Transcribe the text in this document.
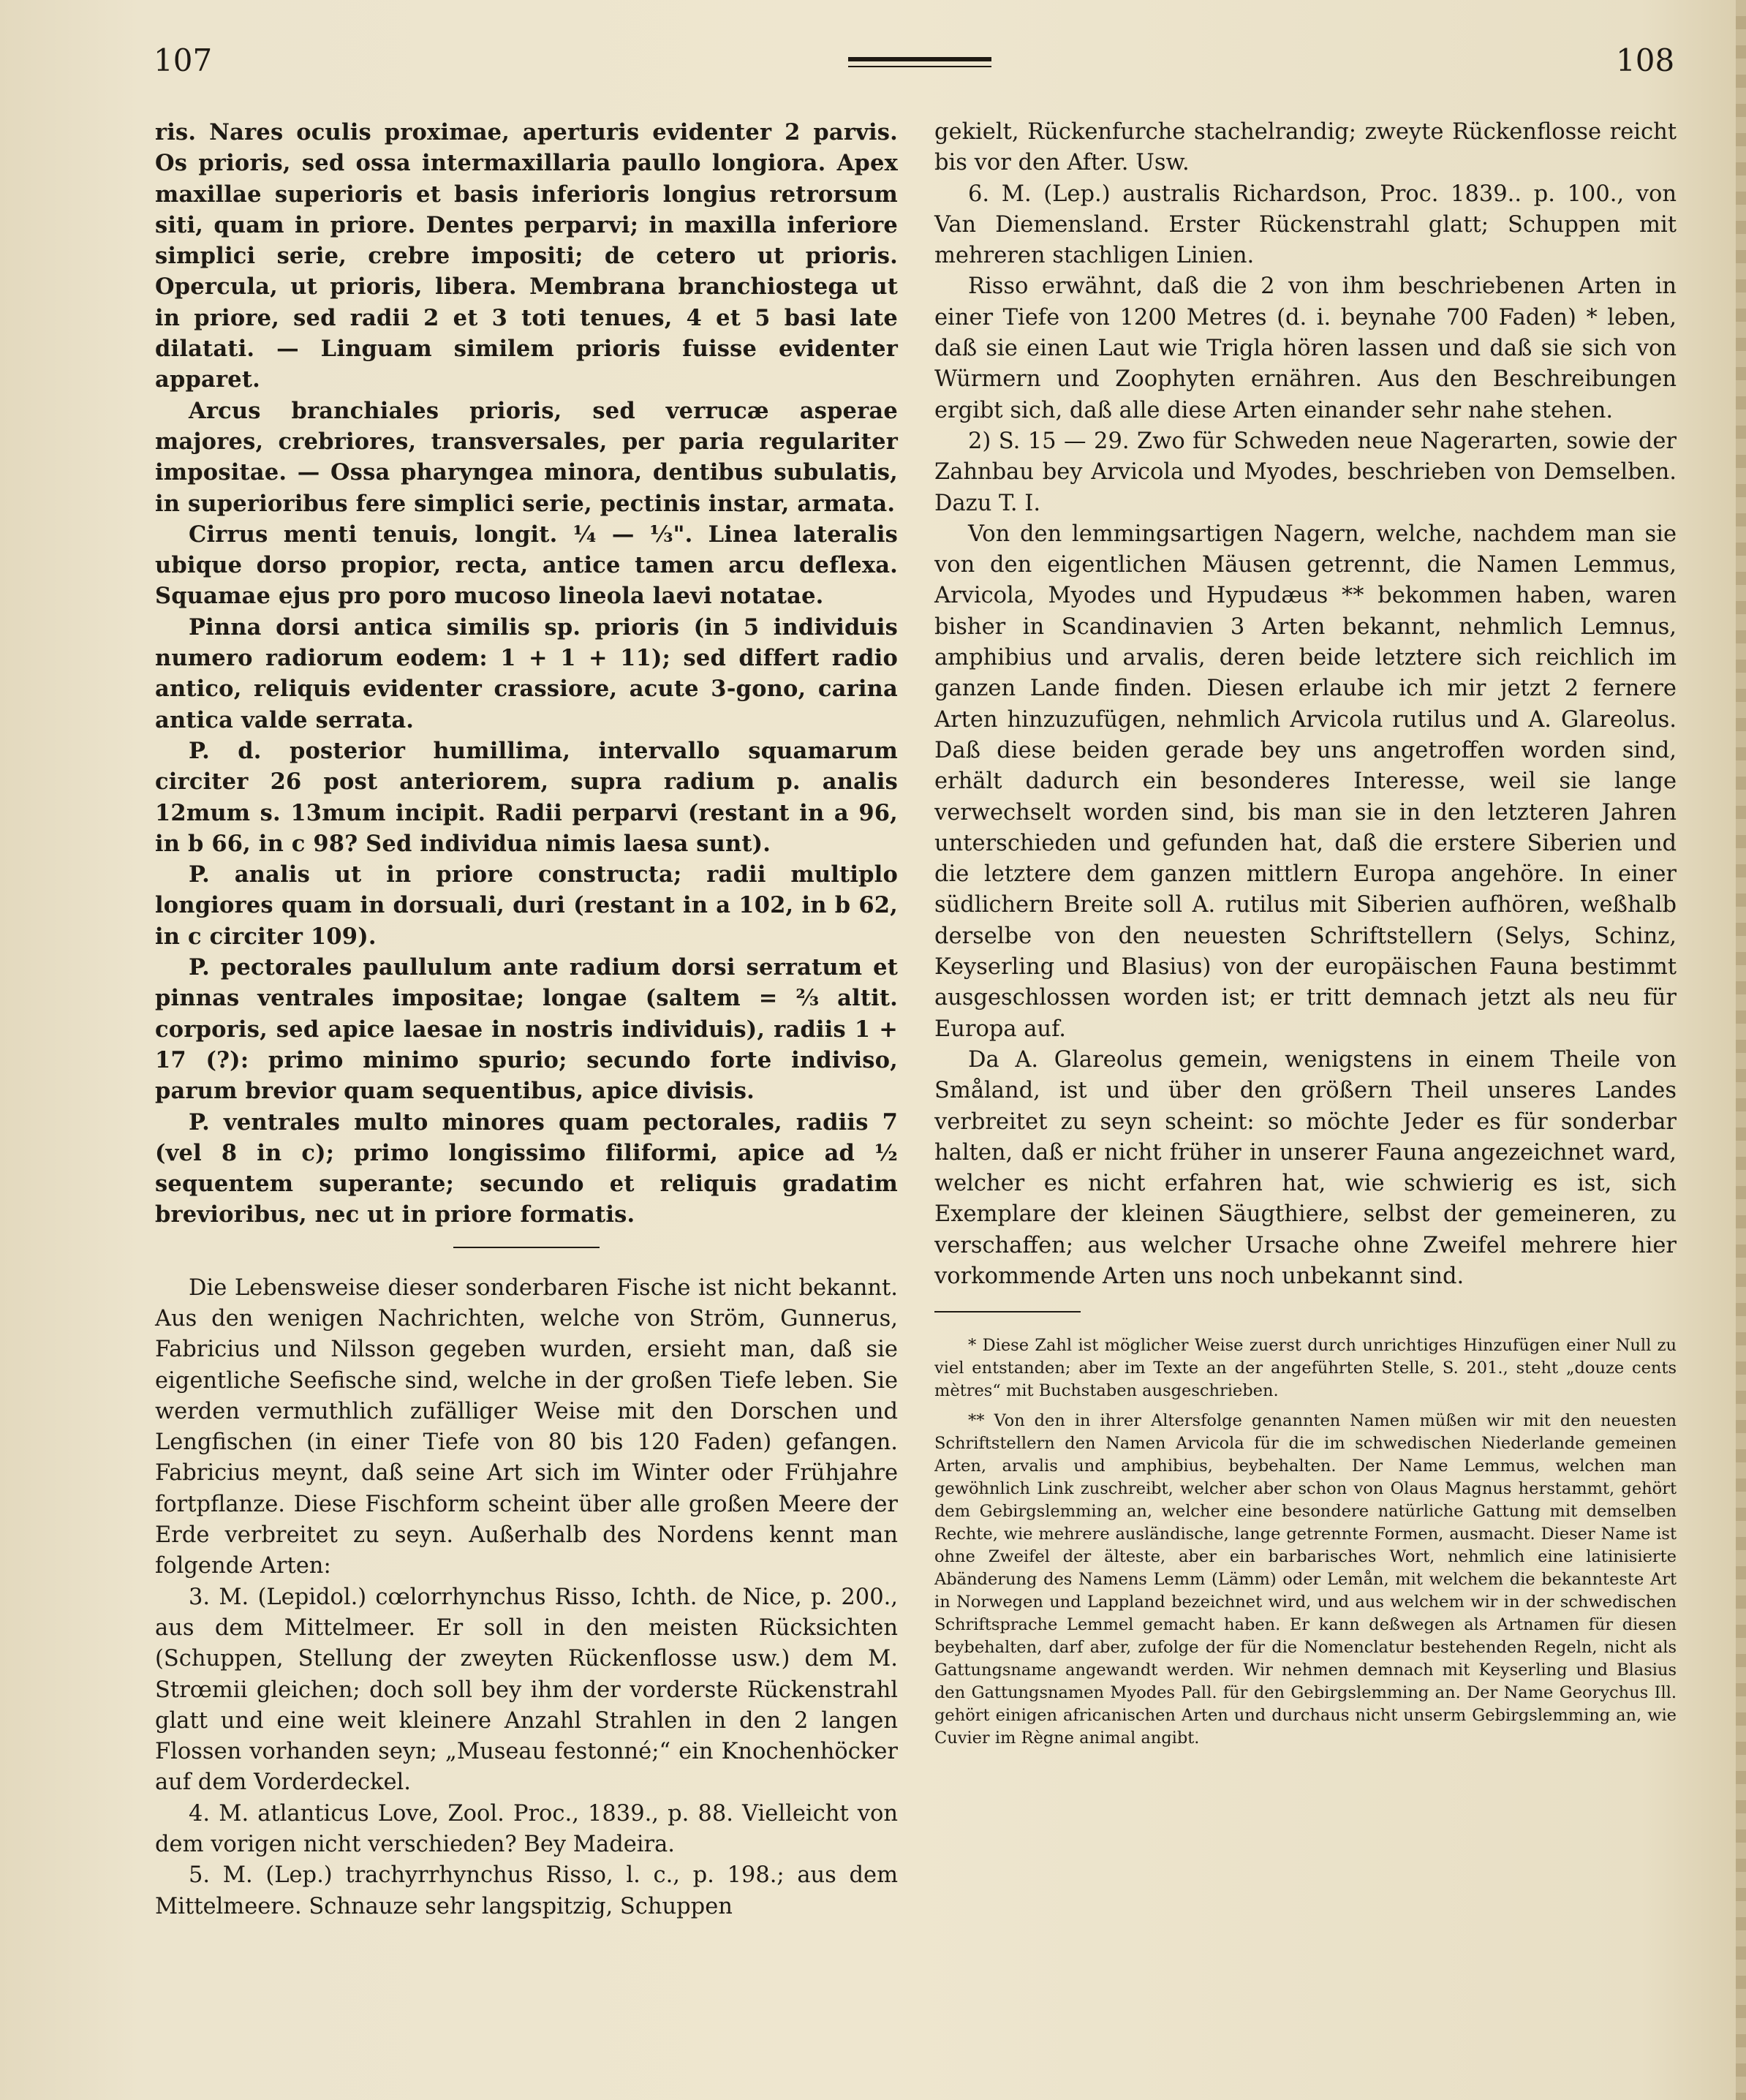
107	108

ris. Nares oculis proximae, aperturis evidenter 2 parvis. Os prioris, sed ossa intermaxillaria paullo longiora. Apex maxillae superioris et basis inferioris longius retrorsum siti, quam in priore. Dentes perparvi; in maxilla inferiore simplici serie, crebre impositi; de cetero ut prioris. Opercula, ut prioris, libera. Membrana branchiostega ut in priore, sed radii 2 et 3 toti tenues, 4 et 5 basi late dilatati. — Linguam similem prioris fuisse evidenter apparet.

Arcus branchiales prioris, sed verrucæ asperae majores, crebriores, transversales, per paria regulariter impositae. — Ossa pharyngea minora, dentibus subulatis, in superioribus fere simplici serie, pectinis instar, armata.

Cirrus menti tenuis, longit. ¼ — ⅓". Linea lateralis ubique dorso propior, recta, antice tamen arcu deflexa. Squamae ejus pro poro mucoso lineola laevi notatae.

Pinna dorsi antica similis sp. prioris (in 5 individuis numero radiorum eodem: 1 + 1 + 11); sed differt radio antico, reliquis evidenter crassiore, acute 3-gono, carina antica valde serrata.

P. d. posterior humillima, intervallo squamarum circiter 26 post anteriorem, supra radium p. analis 12mum s. 13mum incipit. Radii perparvi (restant in a 96, in b 66, in c 98? Sed individua nimis laesa sunt).

P. analis ut in priore constructa; radii multiplo longiores quam in dorsuali, duri (restant in a 102, in b 62, in c circiter 109).

P. pectorales paullulum ante radium dorsi serratum et pinnas ventrales impositae; longae (saltem = ⅔ altit. corporis, sed apice laesae in nostris individuis), radiis 1 + 17 (?): primo minimo spurio; secundo forte indiviso, parum brevior quam sequentibus, apice divisis.

P. ventrales multo minores quam pectorales, radiis 7 (vel 8 in c); primo longissimo filiformi, apice ad ½ sequentem superante; secundo et reliquis gradatim brevioribus, nec ut in priore formatis.

Die Lebensweise dieser sonderbaren Fische ist nicht bekannt. Aus den wenigen Nachrichten, welche von Ström, Gunnerus, Fabricius und Nilsson gegeben wurden, ersieht man, daß sie eigentliche Seefische sind, welche in der großen Tiefe leben. Sie werden vermuthlich zufälliger Weise mit den Dorschen und Lengfischen (in einer Tiefe von 80 bis 120 Faden) gefangen. Fabricius meynt, daß seine Art sich im Winter oder Frühjahre fortpflanze. Diese Fischform scheint über alle großen Meere der Erde verbreitet zu seyn. Außerhalb des Nordens kennt man folgende Arten:

3. M. (Lepidol.) cœlorrhynchus Risso, Ichth. de Nice, p. 200., aus dem Mittelmeer. Er soll in den meisten Rücksichten (Schuppen, Stellung der zweyten Rückenflosse usw.) dem M. Strœmii gleichen; doch soll bey ihm der vorderste Rückenstrahl glatt und eine weit kleinere Anzahl Strahlen in den 2 langen Flossen vorhanden seyn; „Museau festonné;“ ein Knochenhöcker auf dem Vorderdeckel.

4. M. atlanticus Love, Zool. Proc., 1839., p. 88. Vielleicht von dem vorigen nicht verschieden? Bey Madeira.

5. M. (Lep.) trachyrrhynchus Risso, l. c., p. 198.; aus dem Mittelmeere. Schnauze sehr langspitzig, Schuppen

gekielt, Rückenfurche stachelrandig; zweyte Rückenflosse reicht bis vor den After. Usw.

6. M. (Lep.) australis Richardson, Proc. 1839.. p. 100., von Van Diemensland. Erster Rückenstrahl glatt; Schuppen mit mehreren stachligen Linien.

Risso erwähnt, daß die 2 von ihm beschriebenen Arten in einer Tiefe von 1200 Metres (d. i. beynahe 700 Faden) * leben, daß sie einen Laut wie Trigla hören lassen und daß sie sich von Würmern und Zoophyten ernähren. Aus den Beschreibungen ergibt sich, daß alle diese Arten einander sehr nahe stehen.

2) S. 15 — 29. Zwo für Schweden neue Nagerarten, sowie der Zahnbau bey Arvicola und Myodes, beschrieben von Demselben. Dazu T. I.

Von den lemmingsartigen Nagern, welche, nachdem man sie von den eigentlichen Mäusen getrennt, die Namen Lemmus, Arvicola, Myodes und Hypudæus ** bekommen haben, waren bisher in Scandinavien 3 Arten bekannt, nehmlich Lemnus, amphibius und arvalis, deren beide letztere sich reichlich im ganzen Lande finden. Diesen erlaube ich mir jetzt 2 fernere Arten hinzuzufügen, nehmlich Arvicola rutilus und A. Glareolus. Daß diese beiden gerade bey uns angetroffen worden sind, erhält dadurch ein besonderes Interesse, weil sie lange verwechselt worden sind, bis man sie in den letzteren Jahren unterschieden und gefunden hat, daß die erstere Siberien und die letztere dem ganzen mittlern Europa angehöre. In einer südlichern Breite soll A. rutilus mit Siberien aufhören, weßhalb derselbe von den neuesten Schriftstellern (Selys, Schinz, Keyserling und Blasius) von der europäischen Fauna bestimmt ausgeschlossen worden ist; er tritt demnach jetzt als neu für Europa auf.

Da A. Glareolus gemein, wenigstens in einem Theile von Småland, ist und über den größern Theil unseres Landes verbreitet zu seyn scheint: so möchte Jeder es für sonderbar halten, daß er nicht früher in unserer Fauna angezeichnet ward, welcher es nicht erfahren hat, wie schwierig es ist, sich Exemplare der kleinen Säugthiere, selbst der gemeineren, zu verschaffen; aus welcher Ursache ohne Zweifel mehrere hier vorkommende Arten uns noch unbekannt sind.

* Diese Zahl ist möglicher Weise zuerst durch unrichtiges Hinzufügen einer Null zu viel entstanden; aber im Texte an der angeführten Stelle, S. 201., steht „douze cents mètres“ mit Buchstaben ausgeschrieben.

** Von den in ihrer Altersfolge genannten Namen müßen wir mit den neuesten Schriftstellern den Namen Arvicola für die im schwedischen Niederlande gemeinen Arten, arvalis und amphibius, beybehalten. Der Name Lemmus, welchen man gewöhnlich Link zuschreibt, welcher aber schon von Olaus Magnus herstammt, gehört dem Gebirgslemming an, welcher eine besondere natürliche Gattung mit demselben Rechte, wie mehrere ausländische, lange getrennte Formen, ausmacht. Dieser Name ist ohne Zweifel der älteste, aber ein barbarisches Wort, nehmlich eine latinisierte Abänderung des Namens Lemm (Lämm) oder Lemån, mit welchem die bekannteste Art in Norwegen und Lappland bezeichnet wird, und aus welchem wir in der schwedischen Schriftsprache Lemmel gemacht haben. Er kann deßwegen als Artnamen für diesen beybehalten, darf aber, zufolge der für die Nomenclatur bestehenden Regeln, nicht als Gattungsname angewandt werden. Wir nehmen demnach mit Keyserling und Blasius den Gattungsnamen Myodes Pall. für den Gebirgslemming an. Der Name Georychus Ill. gehört einigen africanischen Arten und durchaus nicht unserm Gebirgslemming an, wie Cuvier im Règne animal angibt.
